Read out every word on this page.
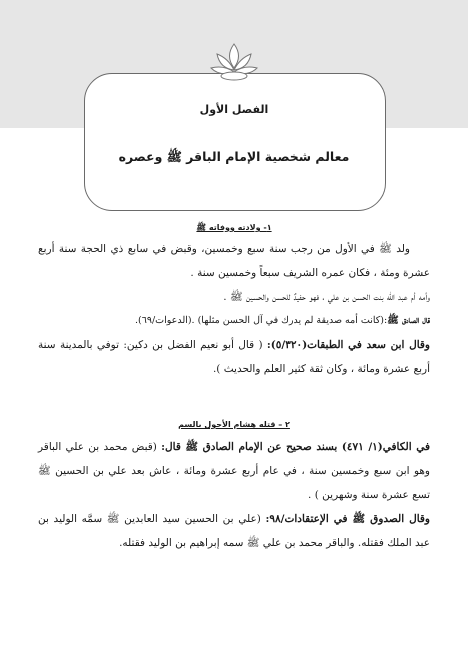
الفصل الأول
معالم شخصية الإمام الباقر ﷺ وعصره

١- ولادته ووفاته ﷺ

ولد ﷺ في الأول من رجب سنة سبع وخمسين، وقبض في سابع ذي الحجة سنة أربع عشرة ومئة ، فكان عمره الشريف سبعاً وخمسين سنة .

وأمه أم عبد الله بنت الحسن بن علي ، فهو حفيدٌ للحسن والحسين ﷺ .

قال الصادق ﷺ:(كانت أمه صديقة لم يدرك في آل الحسن مثلها) .(الدعوات/٦٩).

وقال ابن سعد في الطبقات(٥/٣٢٠): ( قال أبو نعيم الفضل بن دكين: توفي بالمدينة سنة أربع عشرة ومائة ، وكان ثقة كثير العلم والحديث ).

٢ – قتله هشام الأحول بالسم

في الكافي(١/ ٤٧١) بسند صحيح عن الإمام الصادق ﷺ قال: (قبض محمد بن علي الباقر وهو ابن سبع وخمسين سنة ، في عام أربع عشرة ومائة ، عاش بعد علي بن الحسين ﷺ تسع عشرة سنة وشهرين ) .

وقال الصدوق ﷺ في الإعتقادات/٩٨: (علي بن الحسين سيد العابدين ﷺ سمَّه الوليد بن عبد الملك فقتله. والباقر محمد بن علي ﷺ سمه إبراهيم بن الوليد فقتله.
